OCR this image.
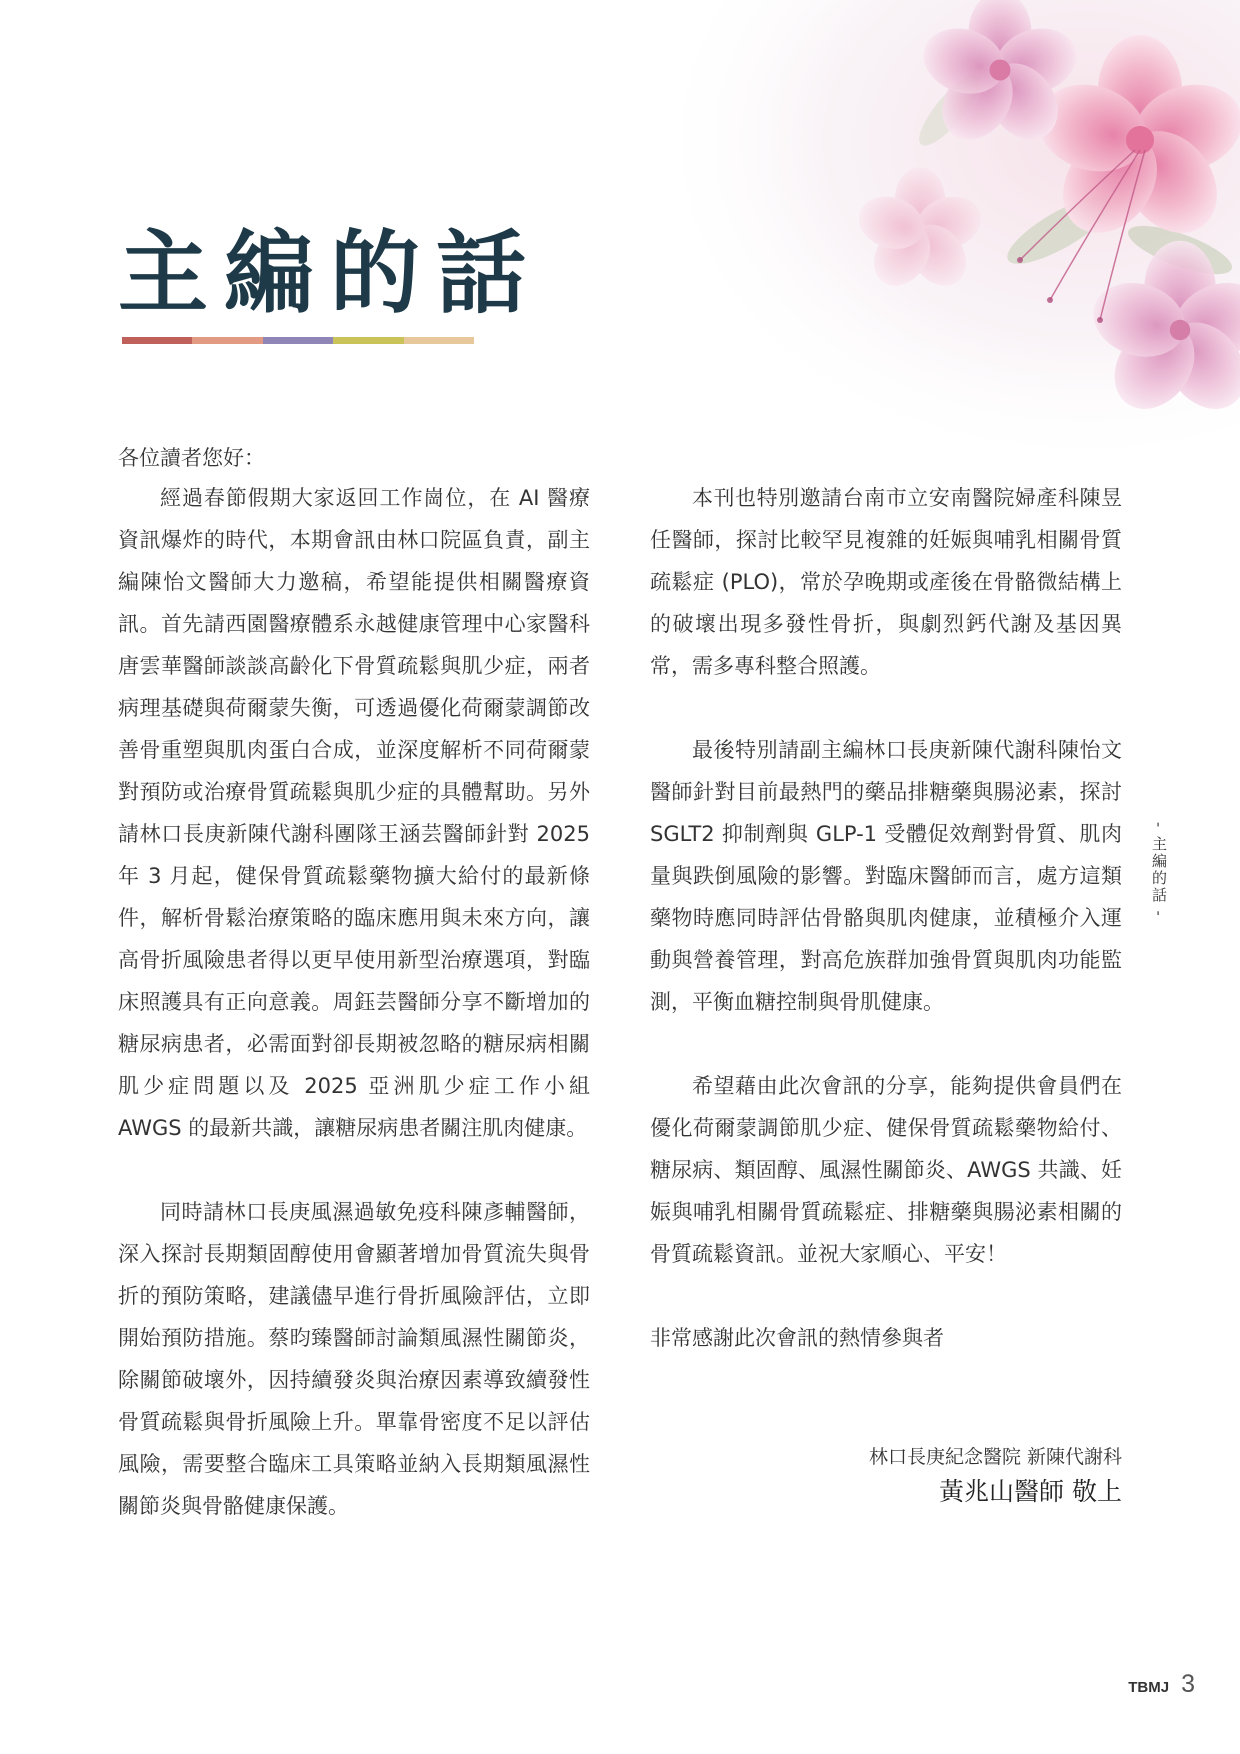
主編的話

各位讀者您好：

經過春節假期大家返回工作崗位，在 AI 醫療資訊爆炸的時代，本期會訊由林口院區負責，副主編陳怡文醫師大力邀稿，希望能提供相關醫療資訊。首先請西園醫療體系永越健康管理中心家醫科唐雲華醫師談談高齡化下骨質疏鬆與肌少症，兩者病理基礎與荷爾蒙失衡，可透過優化荷爾蒙調節改善骨重塑與肌肉蛋白合成，並深度解析不同荷爾蒙對預防或治療骨質疏鬆與肌少症的具體幫助。另外請林口長庚新陳代謝科團隊王涵芸醫師針對 2025 年 3 月起，健保骨質疏鬆藥物擴大給付的最新條件，解析骨鬆治療策略的臨床應用與未來方向，讓高骨折風險患者得以更早使用新型治療選項，對臨床照護具有正向意義。周鈺芸醫師分享不斷增加的糖尿病患者，必需面對卻長期被忽略的糖尿病相關肌少症問題以及 2025 亞洲肌少症工作小組 AWGS 的最新共識，讓糖尿病患者關注肌肉健康。

同時請林口長庚風濕過敏免疫科陳彥輔醫師，深入探討長期類固醇使用會顯著增加骨質流失與骨折的預防策略，建議儘早進行骨折風險評估，立即開始預防措施。蔡昀臻醫師討論類風濕性關節炎，除關節破壞外，因持續發炎與治療因素導致續發性骨質疏鬆與骨折風險上升。單靠骨密度不足以評估風險，需要整合臨床工具策略並納入長期類風濕性關節炎與骨骼健康保護。

本刊也特別邀請台南市立安南醫院婦產科陳昱任醫師，探討比較罕見複雜的妊娠與哺乳相關骨質疏鬆症 (PLO)，常於孕晚期或產後在骨骼微結構上的破壞出現多發性骨折，與劇烈鈣代謝及基因異常，需多專科整合照護。

最後特別請副主編林口長庚新陳代謝科陳怡文醫師針對目前最熱門的藥品排糖藥與腸泌素，探討 SGLT2 抑制劑與 GLP-1 受體促效劑對骨質、肌肉量與跌倒風險的影響。對臨床醫師而言，處方這類藥物時應同時評估骨骼與肌肉健康，並積極介入運動與營養管理，對高危族群加強骨質與肌肉功能監測，平衡血糖控制與骨肌健康。

希望藉由此次會訊的分享，能夠提供會員們在優化荷爾蒙調節肌少症、健保骨質疏鬆藥物給付、糖尿病、類固醇、風濕性關節炎、AWGS 共識、妊娠與哺乳相關骨質疏鬆症、排糖藥與腸泌素相關的骨質疏鬆資訊。並祝大家順心、平安！

非常感謝此次會訊的熱情參與者

林口長庚紀念醫院 新陳代謝科
黃兆山醫師 敬上
- 主編的話 -
TBMJ 3
